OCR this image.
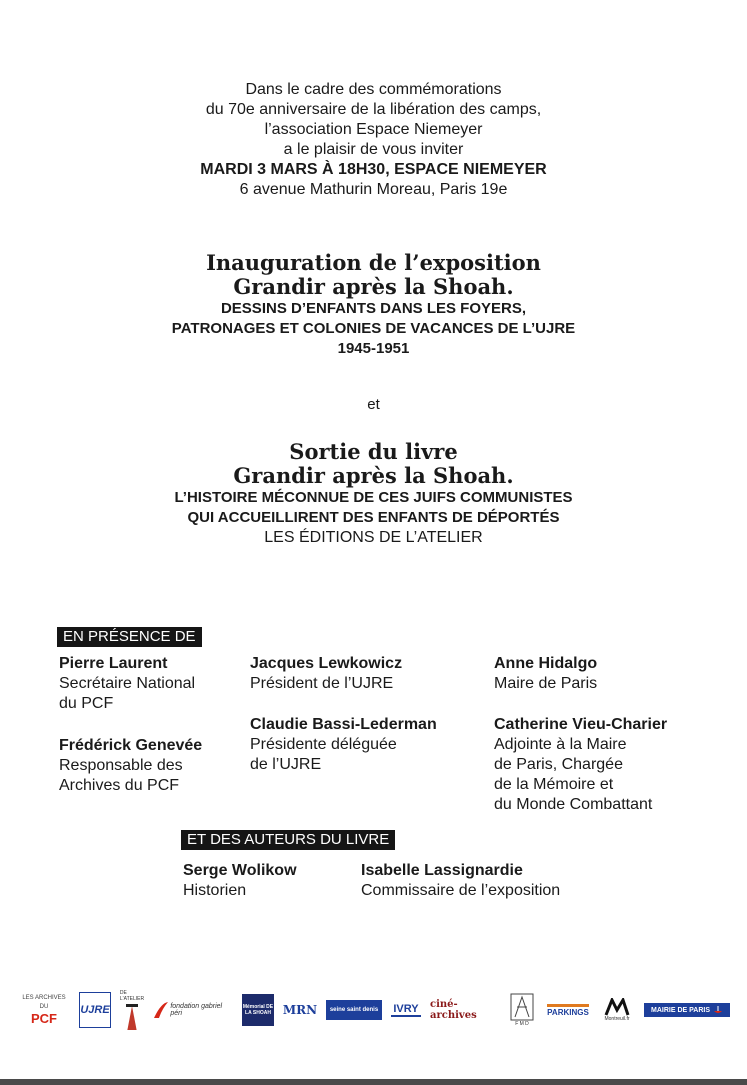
Dans le cadre des commémorations
du 70e anniversaire de la libération des camps,
l’association Espace Niemeyer
a le plaisir de vous inviter
MARDI 3 MARS À 18H30, ESPACE NIEMEYER
6 avenue Mathurin Moreau, Paris 19e
Inauguration de l’exposition
Grandir après la Shoah.
DESSINS D’ENFANTS DANS LES FOYERS,
PATRONAGES ET COLONIES DE VACANCES DE L’UJRE
1945-1951
et
Sortie du livre
Grandir après la Shoah.
L’HISTOIRE MÉCONNUE DE CES JUIFS COMMUNISTES
QUI ACCUEILLIRENT DES ENFANTS DE DÉPORTÉS
LES ÉDITIONS DE L’ATELIER
EN PRÉSENCE DE
Pierre Laurent
Secrétaire National
du PCF
Frédérick Genevée
Responsable des
Archives du PCF
Jacques Lewkowicz
Président de l’UJRE
Claudie Bassi-Lederman
Présidente déléguée
de l’UJRE
Anne Hidalgo
Maire de Paris
Catherine Vieu-Charier
Adjointe à la Maire
de Paris, Chargée
de la Mémoire et
du Monde Combattant
ET DES AUTEURS DU LIVRE
Serge Wolikow
Historien
Isabelle Lassignardie
Commissaire de l’exposition
LES ARCHIVES DU
PCF
UJRE
DE L'ATELIER
fondation gabriel péri
Mémorial DE LA SHOAH MRN seine saint denis IVRY ciné-archives
F M D
PARKINGS
Montreuil.fr
MAIRIE DE PARIS
